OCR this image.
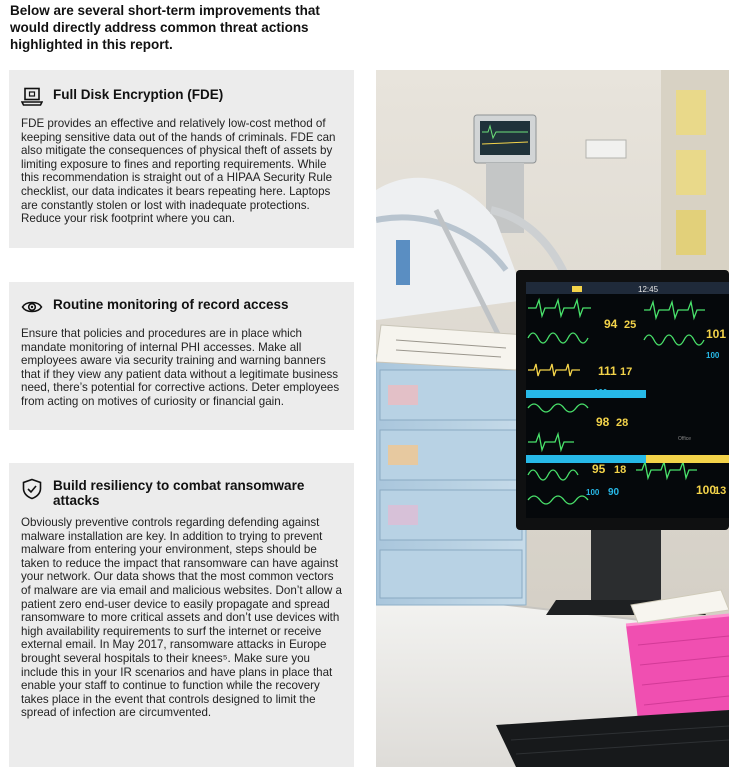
Below are several short-term improvements that would directly address common threat actions highlighted in this report.

Full Disk Encryption (FDE)

FDE provides an effective and relatively low-cost method of keeping sensitive data out of the hands of criminals. FDE can also mitigate the consequences of physical theft of assets by limiting exposure to fines and reporting requirements. While this recommendation is straight out of a HIPAA Security Rule checklist, our data indicates it bears repeating here. Laptops are constantly stolen or lost with inadequate protections. Reduce your risk footprint where you can.

Routine monitoring of record access

Ensure that policies and procedures are in place which mandate monitoring of internal PHI accesses. Make all employees aware via security training and warning banners that if they view any patient data without a legitimate business need, there’s potential for corrective actions. Deter employees from acting on motives of curiosity or financial gain.

Build resiliency to combat ransomware attacks

Obviously preventive controls regarding defending against malware installation are key. In addition to trying to prevent malware from entering your environment, steps should be taken to reduce the impact that ransomware can have against your network. Our data shows that the most common vectors of malware are via email and malicious websites. Don’t allow a patient zero end-user device to easily propagate and spread ransomware to more critical assets and don’t use devices with high availability requirements to surf the internet or receive external email. In May 2017, ransomware attacks in Europe brought several hospitals to their knees⁵. Make sure you include this in your IR scenarios and have plans in place that enable your staff to continue to function while the recovery takes place in the event that controls designed to limit the spread of infection are circumvented.

12:45
94 25
111 17
100 112
98 28
95 18
100 90
101
100
100
13
Office
